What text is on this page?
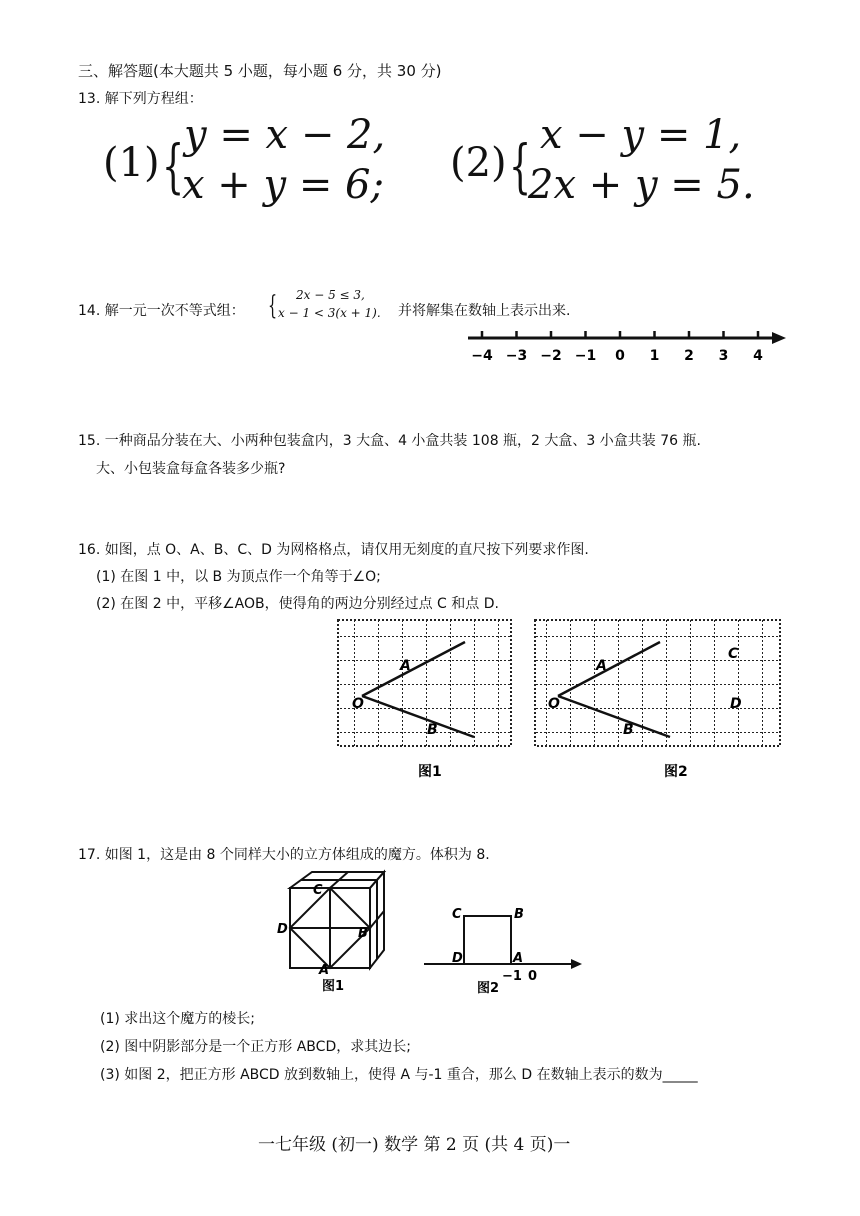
三、解答题(本大题共 5 小题，每小题 6 分，共 30 分)
13. 解下列方程组：
(1) { y = x − 2,
x + y = 6; (2) { x − y = 1,
2x + y = 5.
14. 解一元一次不等式组： { 2x − 5 ≤ 3,
x − 1 < 3(x + 1). 并将解集在数轴上表示出来.
−4 −3 −2 −1 0 1 2 3 4
15. 一种商品分装在大、小两种包装盒内，3 大盒、4 小盒共装 108 瓶，2 大盒、3 小盒共装 76 瓶.
大、小包装盒每盒各装多少瓶?
16. 如图，点 O、A、B、C、D 为网格格点，请仅用无刻度的直尺按下列要求作图.
(1) 在图 1 中，以 B 为顶点作一个角等于∠O;
(2) 在图 2 中，平移∠AOB，使得角的两边分别经过点 C 和点 D.
O
A
B
图1
O
A
B
C
D
图2
17. 如图 1，这是由 8 个同样大小的立方体组成的魔方。体积为 8.
C
D	B
A
图1
C	B
D	A
−1 0
图2
(1) 求出这个魔方的棱长;
(2) 图中阴影部分是一个正方形 ABCD，求其边长;
(3) 如图 2，把正方形 ABCD 放到数轴上，使得 A 与-1 重合，那么 D 在数轴上表示的数为_____
一七年级 (初一) 数学 第 2 页 (共 4 页)一
